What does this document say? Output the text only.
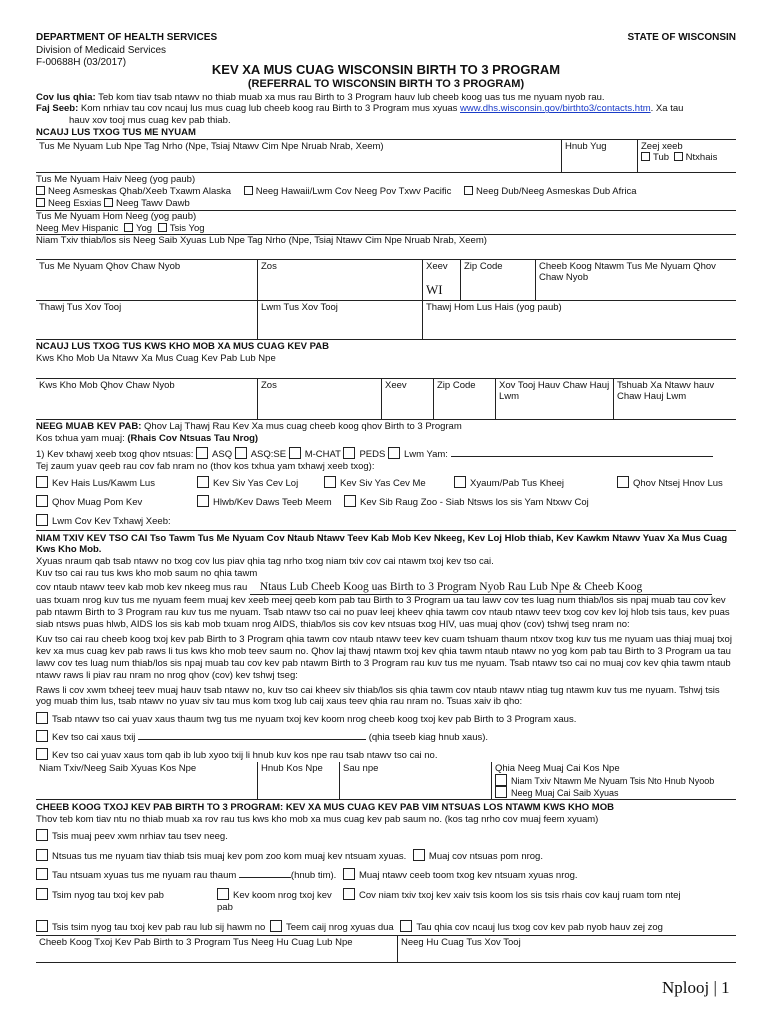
DEPARTMENT OF HEALTH SERVICES
Division of Medicaid Services
F-00688H (03/2017)
STATE OF WISCONSIN
KEV XA MUS CUAG WISCONSIN BIRTH TO 3 PROGRAM
(REFERRAL TO WISCONSIN BIRTH TO 3 PROGRAM)
Cov lus qhia: Teb kom tiav tsab ntawv no thiab muab xa mus rau Birth to 3 Program hauv lub cheeb koog uas tus me nyuam nyob rau.
Faj Seeb: Kom nrhiav tau cov ncauj lus mus cuag lub cheeb koog rau Birth to 3 Program mus xyuas www.dhs.wisconsin.gov/birthto3/contacts.htm. Xa tau
hauv xov tooj mus cuag kev pab thiab.
NCAUJ LUS TXOG TUS ME NYUAM
Tus Me Nyuam Lub Npe Tag Nrho (Npe, Tsiaj Ntawv Cim Npe Nruab Nrab, Xeem)	Hnub Yug	Zeej xeeb
Tub Ntxhais
Tus Me Nyuam Haiv Neeg (yog paub)
Neeg Asmeskas Qhab/Xeeb Txawm Alaska	Neeg Hawaii/Lwm Cov Neeg Pov Txwv Pacific	Neeg Dub/Neeg Asmeskas Dub Africa
Neeg Esxias Neeg Tawv Dawb
Tus Me Nyuam Hom Neeg (yog paub)
Neeg Mev Hispanic Yog Tsis Yog
Niam Txiv thiab/los sis Neeg Saib Xyuas Lub Npe Tag Nrho (Npe, Tsiaj Ntawv Cim Npe Nruab Nrab, Xeem)
Tus Me Nyuam Qhov Chaw Nyob	Zos	Xeev
WI
Zip Code	Cheeb Koog Ntawm Tus Me Nyuam Qhov Chaw Nyob
Thawj Tus Xov Tooj	Lwm Tus Xov Tooj	Thawj Hom Lus Hais (yog paub)
NCAUJ LUS TXOG TUS KWS KHO MOB XA MUS CUAG KEV PAB
Kws Kho Mob Ua Ntawv Xa Mus Cuag Kev Pab Lub Npe
Kws Kho Mob Qhov Chaw Nyob	Zos	Xeev	Zip Code	Xov Tooj Hauv Chaw Hauj Lwm
Tshuab Xa Ntawv hauv Chaw Hauj Lwm
NEEG MUAB KEV PAB: Qhov Laj Thawj Rau Kev Xa mus cuag cheeb koog qhov Birth to 3 Program
Kos txhua yam muaj: (Rhais Cov Ntsuas Tau Nrog)
1) Kev txhawj xeeb txog qhov ntsuas: ASQ ASQ:SE M-CHAT PEDS Lwm Yam:
Tej zaum yuav qeeb rau cov fab nram no (thov kos txhua yam txhawj xeeb txog):
Kev Hais Lus/Kawm Lus	Kev Siv Yas Cev Loj	Kev Siv Yas Cev Me	Xyaum/Pab Tus Kheej	Qhov Ntsej Hnov Lus
Qhov Muag Pom Kev	Hlwb/Kev Daws Teeb Meem	Kev Sib Raug Zoo - Siab Ntsws los sis Yam Ntxwv Coj
Lwm Cov Kev Txhawj Xeeb:
NIAM TXIV KEV TSO CAI Tso Tawm Tus Me Nyuam Cov Ntaub Ntawv Teev Kab Mob Kev Nkeeg, Kev Loj Hlob thiab, Kev Kawkm Ntawv Yuav Xa Mus Cuag Kws Kho Mob.
Xyuas nraum qab tsab ntawv no txog cov lus piav qhia tag nrho txog niam txiv cov cai ntawm txoj kev tso cai.
Kuv tso cai rau tus kws kho mob saum no qhia tawm
cov ntaub ntawv teev kab mob kev nkeeg mus rau Ntaus Lub Cheeb Koog uas Birth to 3 Program Nyob Rau Lub Npe & Cheeb Koog
uas txuam nrog kuv tus me nyuam feem muaj kev xeeb meej qeeb kom pab tau Birth to 3 Program ua tau lawv cov tes luag num thiab/los sis npaj muab tau cov kev pab ntawm Birth to 3 Program rau kuv tus me nyuam. Tsab ntawv tso cai no puav leej kheev qhia tawm cov ntaub ntawv teev txog cov kev loj hlob tsis taus, kev puas siab ntsws puas hlwb, AIDS los sis kab mob txuam nrog AIDS, thiab/los sis cov kev ntsuas txog HIV, uas muaj qhov (cov) tshwj tseg nram no:
Kuv tso cai rau cheeb koog txoj kev pab Birth to 3 Program qhia tawm cov ntaub ntawv teev kev cuam tshuam thaum ntxov txog kuv tus me nyuam uas thiaj muaj txoj kev xa mus cuag kev pab raws li tus kws kho mob teev saum no. Qhov laj thawj ntawm txoj kev qhia tawm ntaub ntawv no yog kom pab tau Birth to 3 Program ua tau lawv cov tes luag num thiab/los sis npaj muab tau cov kev pab ntawm Birth to 3 Program rau kuv tus me nyuam. Tsab ntawv tso cai no muaj cov kev qhia tawm ntaub ntawv raws li piav rau nram no nrog qhov (cov) kev tshwj tseg:
Raws li cov xwm txheej teev muaj hauv tsab ntawv no, kuv tso cai kheev siv thiab/los sis qhia tawm cov ntaub ntawv ntiag tug ntawm kuv tus me nyuam. Tshwj tsis yog muab thim lus, tsab ntawv no yuav siv tau mus kom txog lub caij xaus teev qhia rau nram no. Tsuas xaiv ib qho:
Tsab ntawv tso cai yuav xaus thaum twg tus me nyuam txoj kev koom nrog cheeb koog txoj kev pab Birth to 3 Program xaus.
Kev tso cai xaus txij	(qhia tseeb kiag hnub xaus).
Kev tso cai yuav xaus tom qab ib lub xyoo txij li hnub kuv kos npe rau tsab ntawv tso cai no.
Niam Txiv/Neeg Saib Xyuas Kos Npe	Hnub Kos Npe	Sau npe	Qhia Neeg Muaj Cai Kos Npe
Niam Txiv Ntawm Me Nyuam Tsis Nto Hnub Nyoob
Neeg Muaj Cai Saib Xyuas
CHEEB KOOG TXOJ KEV PAB BIRTH TO 3 PROGRAM: KEV XA MUS CUAG KEV PAB VIM NTSUAS LOS NTAWM KWS KHO MOB
Thov teb kom tiav ntu no thiab muab xa rov rau tus kws kho mob xa mus cuag kev pab saum no. (kos tag nrho cov muaj feem xyuam)
Tsis muaj peev xwm nrhiav tau tsev neeg.
Ntsuas tus me nyuam tiav thiab tsis muaj kev pom zoo kom muaj kev ntsuam xyuas. Muaj cov ntsuas pom nrog.
Tau ntsuam xyuas tus me nyuam rau thaum	(hnub tim). Muaj ntawv ceeb toom txog kev ntsuam xyuas nrog.
Tsim nyog tau txoj kev pab	Kev koom nrog txoj kev pab
Cov niam txiv txoj kev xaiv tsis koom los sis tsis rhais cov kauj ruam tom ntej
Tsis tsim nyog tau txoj kev pab rau lub sij hawm no Teem caij nrog xyuas dua Tau qhia cov ncauj lus txog cov kev pab nyob hauv zej zog
Cheeb Koog Txoj Kev Pab Birth to 3 Program Tus Neeg Hu Cuag Lub Npe	Neeg Hu Cuag Tus Xov Tooj
Nplooj | 1
